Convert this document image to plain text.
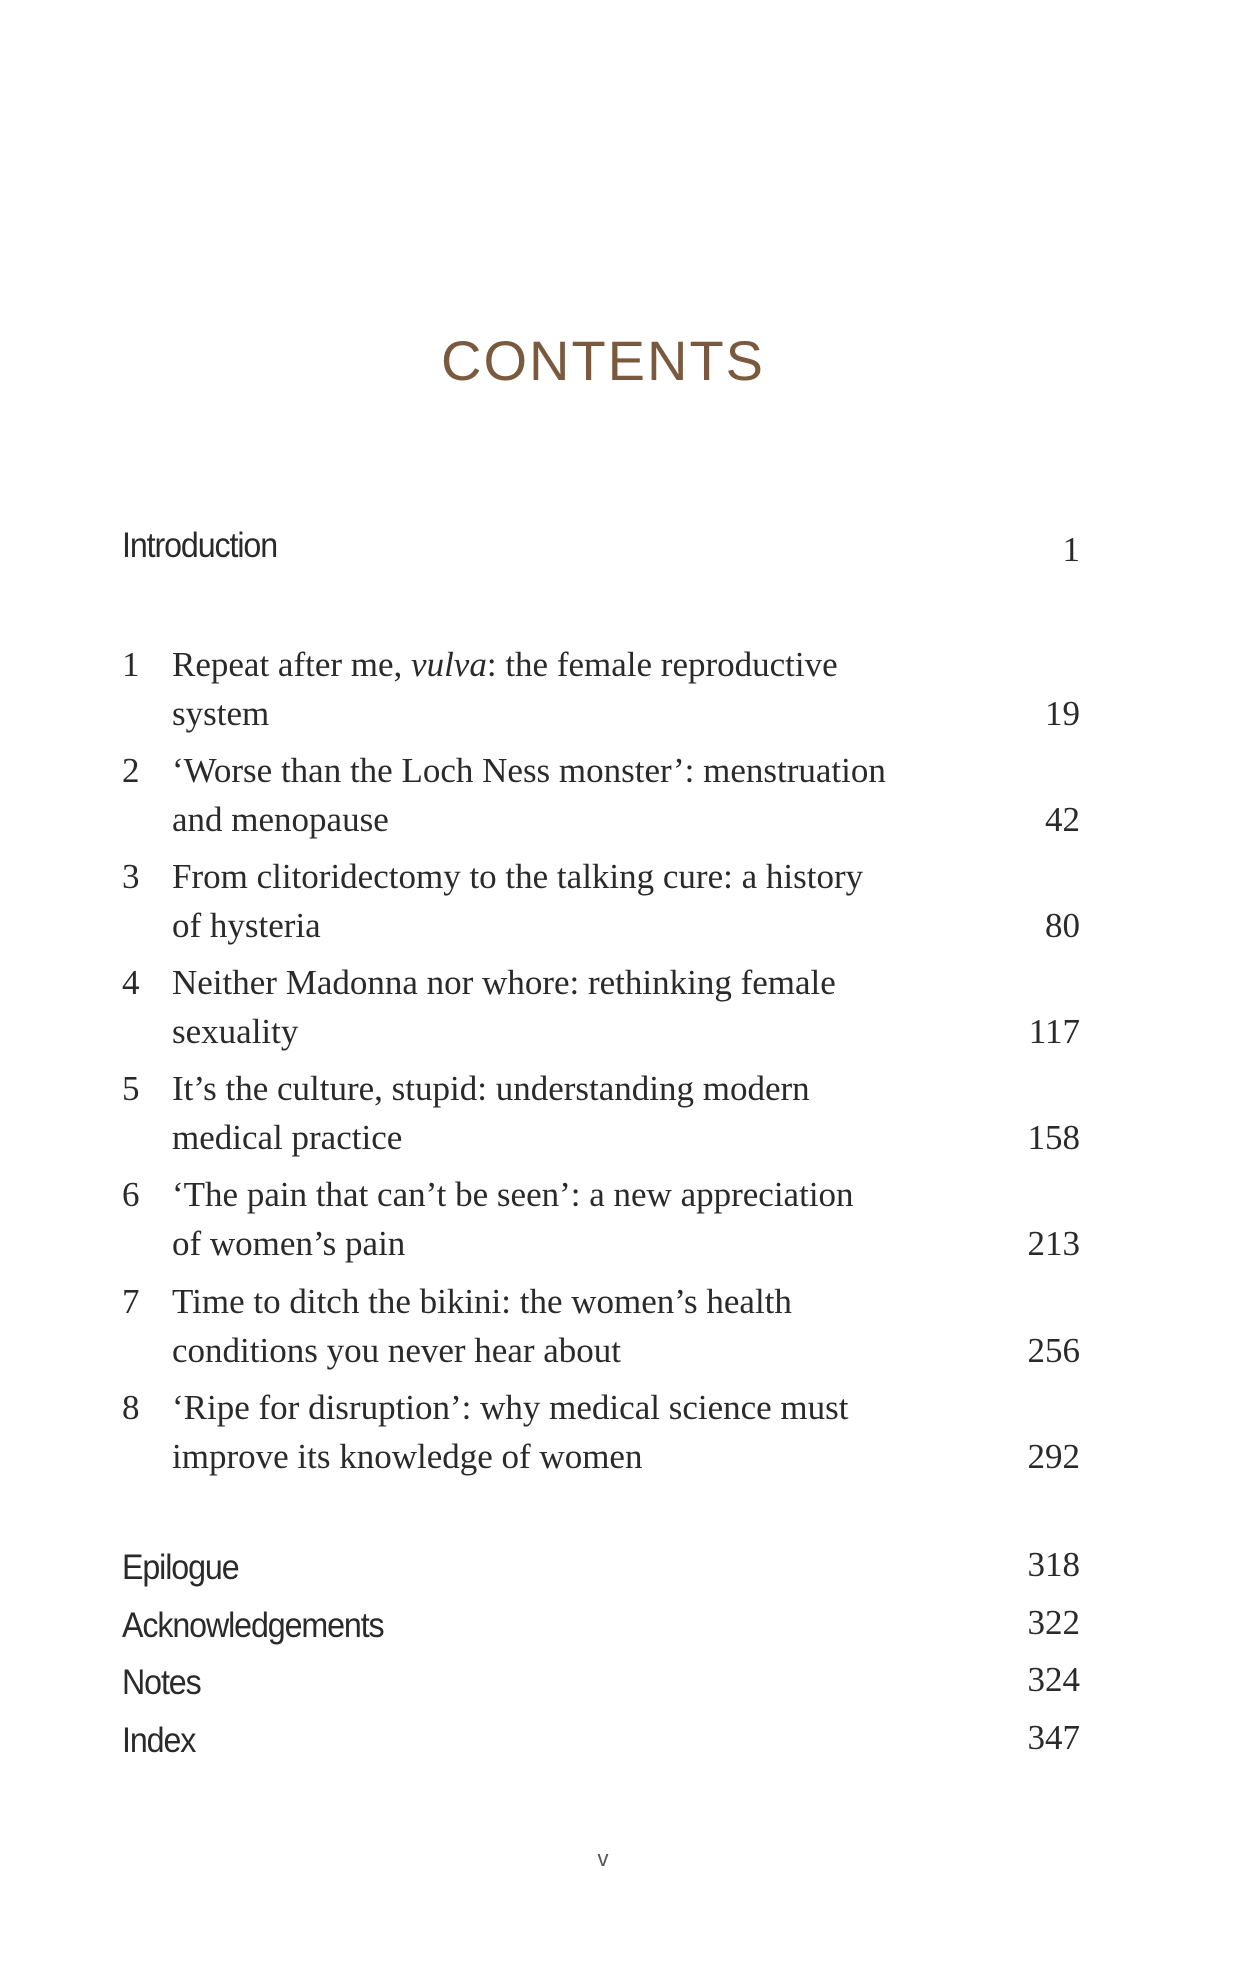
CONTENTS
Introduction	1
1 Repeat after me, vulva: the female reproductive
system	19
2 ‘Worse than the Loch Ness monster’: menstruation
and menopause	42
3 From clitoridectomy to the talking cure: a history
of hysteria	80
4 Neither Madonna nor whore: rethinking female
sexuality	117
5 It’s the culture, stupid: understanding modern
medical practice	158
6 ‘The pain that can’t be seen’: a new appreciation
of women’s pain	213
7 Time to ditch the bikini: the women’s health
conditions you never hear about	256
8 ‘Ripe for disruption’: why medical science must
improve its knowledge of women	292
Epilogue	318
Acknowledgements	322
Notes	324
Index	347
v
